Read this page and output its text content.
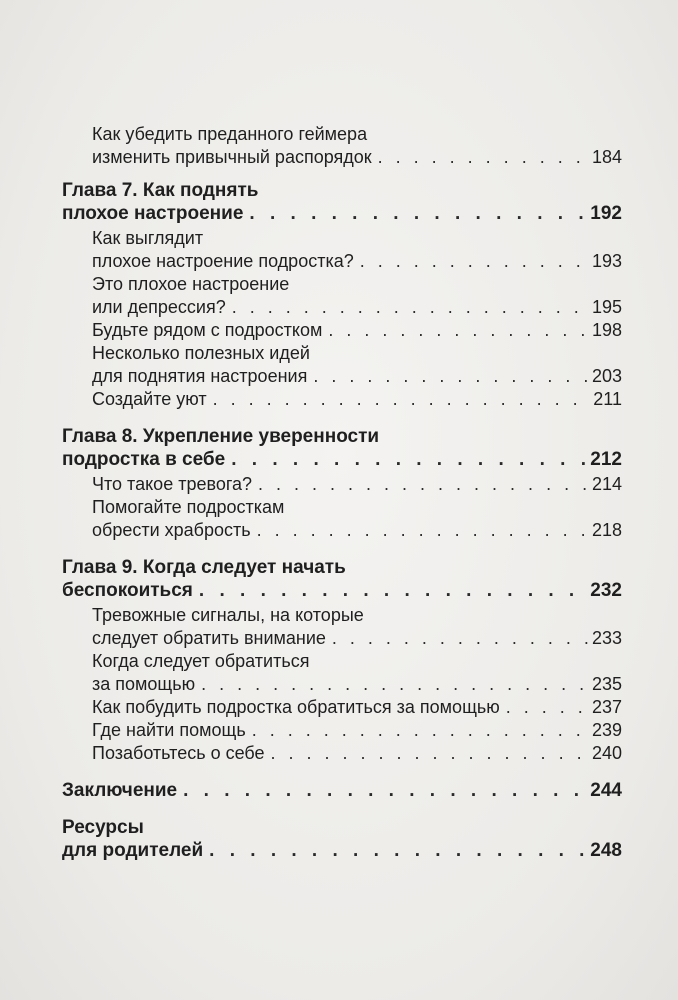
Как убедить преданного геймера
изменить привычный распорядок . . .	184
Глава 7. Как поднять
плохое настроение . . .	192
Как выглядит
плохое настроение подростка? . . .	193
Это плохое настроение
или депрессия? . . .	195
Будьте рядом с подростком . . .	198
Несколько полезных идей
для поднятия настроения . . .	203
Создайте уют . . .	211
Глава 8. Укрепление уверенности
подростка в себе . . .	212
Что такое тревога? . . .	214
Помогайте подросткам
обрести храбрость . . .	218
Глава 9. Когда следует начать
беспокоиться . . .	232
Тревожные сигналы, на которые
следует обратить внимание . . .	233
Когда следует обратиться
за помощью . . .	235
Как побудить подростка обратиться за помощью . . .	237
Где найти помощь . . .	239
Позаботьтесь о себе . . .	240
Заключение . . .	244
Ресурсы
для родителей . . .	248
